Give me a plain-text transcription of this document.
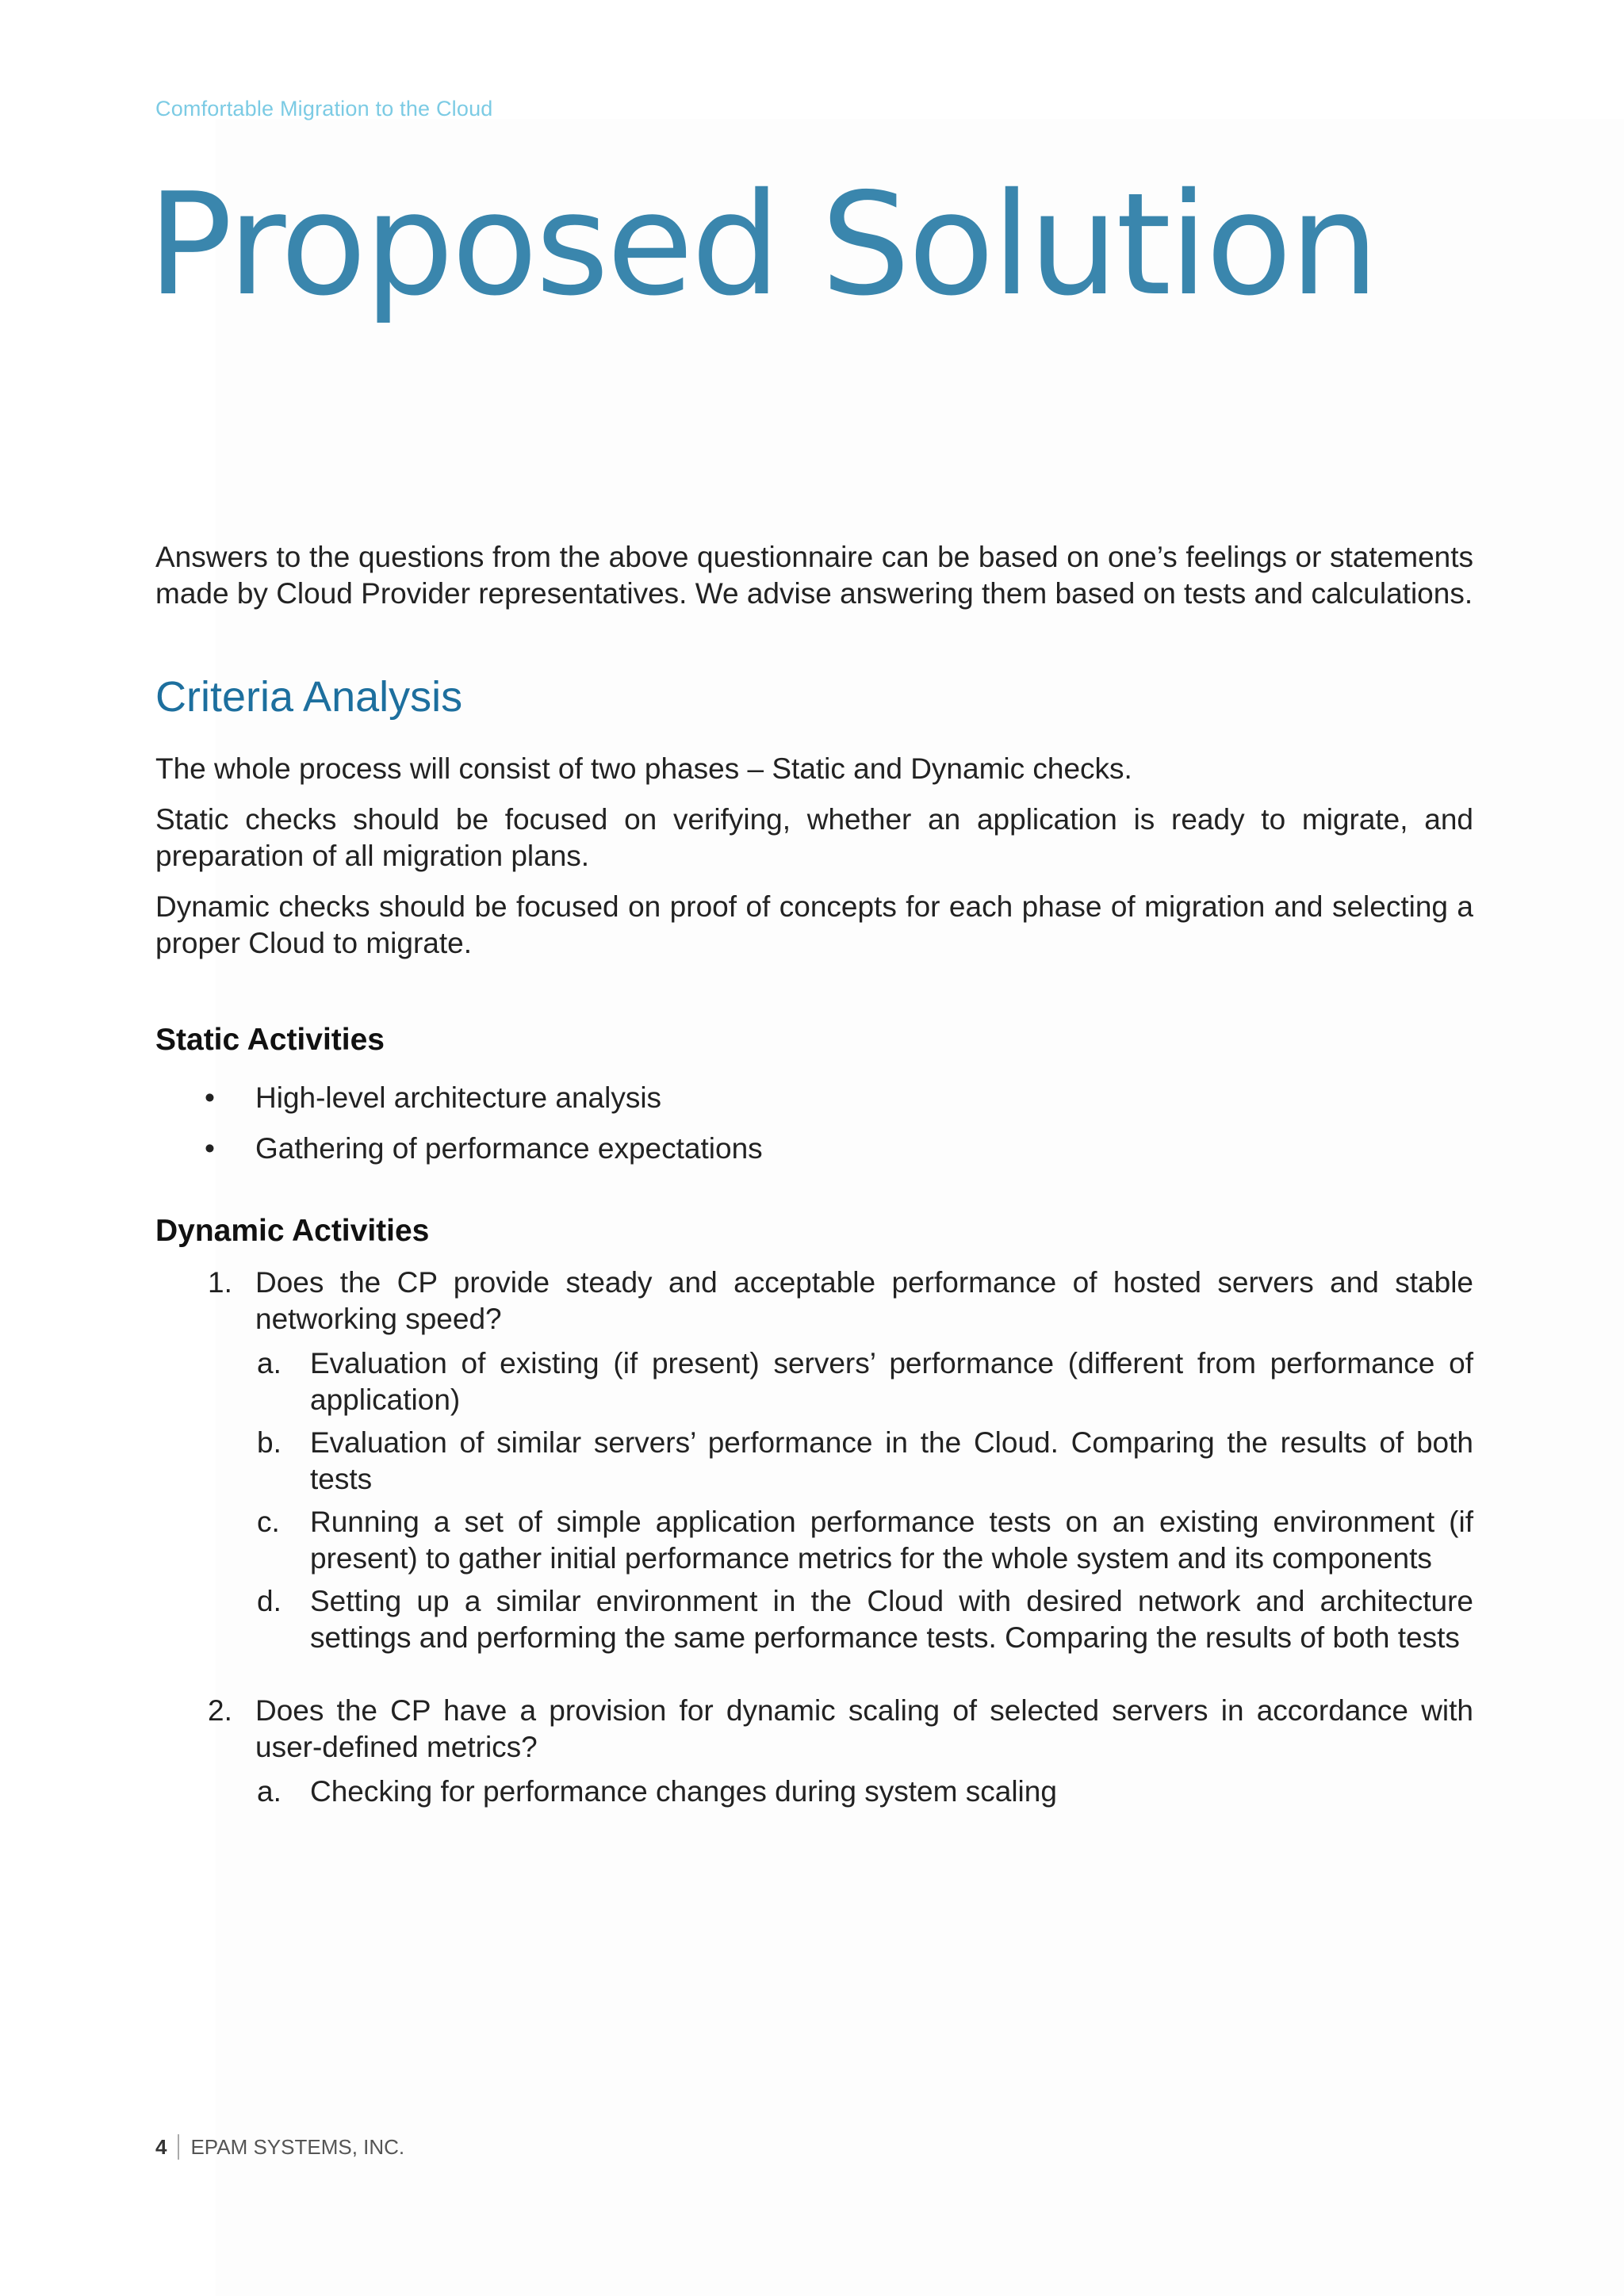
Comfortable Migration to the Cloud
Proposed Solution

Answers to the questions from the above questionnaire can be based on one’s feelings or statements made by Cloud Provider representatives. We advise answering them based on tests and calculations.

Criteria Analysis

The whole process will consist of two phases – Static and Dynamic checks.

Static checks should be focused on verifying, whether an application is ready to migrate, and preparation of all migration plans.

Dynamic checks should be focused on proof of concepts for each phase of migration and selecting a proper Cloud to migrate.

Static Activities
• High-level architecture analysis
• Gathering of performance expectations
Dynamic Activities
1. Does the CP provide steady and acceptable performance of hosted servers and stable networking speed?

a. Evaluation of existing (if present) servers’ performance (different from performance of application)
b. Evaluation of similar servers’ performance in the Cloud. Comparing the results of both tests
c. Running a set of simple application performance tests on an existing environment (if present) to gather initial performance metrics for the whole system and its components
d. Setting up a similar environment in the Cloud with desired network and architecture settings and performing the same performance tests. Comparing the results of both tests
2. Does the CP have a provision for dynamic scaling of selected servers in accordance with user-defined metrics?

a. Checking for performance changes during system scaling
4 EPAM SYSTEMS, INC.
